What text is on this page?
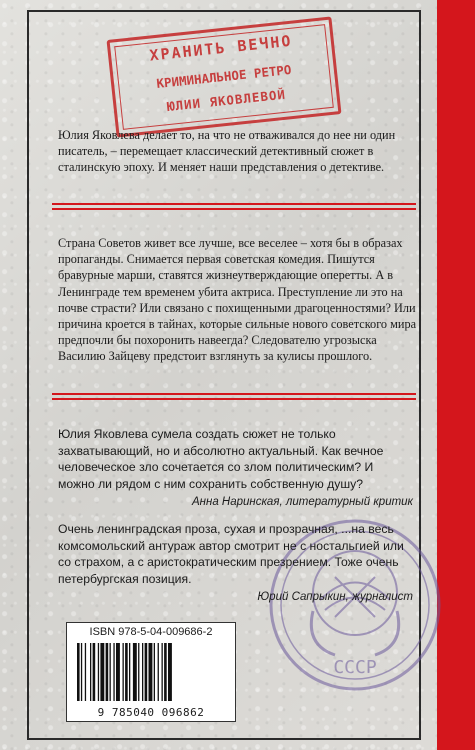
ХРАНИТЬ ВЕЧНО
КРИМИНАЛЬНОЕ РЕТРО
ЮЛИИ ЯКОВЛЕВОЙ

Юлия Яковлева делает то, на что не отваживался до нее ни один писатель, – перемещает классический детективный сюжет в сталинскую эпоху. И меняет наши представления о детективе.

Страна Советов живет все лучше, все веселее – хотя бы в образах пропаганды. Снимается первая советская комедия. Пишутся бравурные марши, ставятся жизнеутверждающие оперетты. А в Ленинграде тем временем убита актриса. Преступление ли это на почве страсти? Или связано с похищенными драгоценностями? Или причина кроется в тайнах, которые сильные нового советского мира предпочли бы похоронить навеегда? Следователю угрозыска Василию Зайцеву предстоит взглянуть за кулисы прошлого.

СССР
Юлия Яковлева сумела создать сюжет не только захватывающий, но и абсолютно актуальный. Как вечное человеческое зло сочетается со злом политическим? И можно ли рядом с ним сохранить собственную душу?
Анна Наринская, литературный критик
Очень ленинградская проза, сухая и прозрачная, ...на весь комсомольский антураж автор смотрит не с ностальгией или со страхом, а с аристократическим презрением. Тоже очень петербургская позиция.
Юрий Сапрыкин, журналист
ISBN 978-5-04-009686-2
9 785040 096862
